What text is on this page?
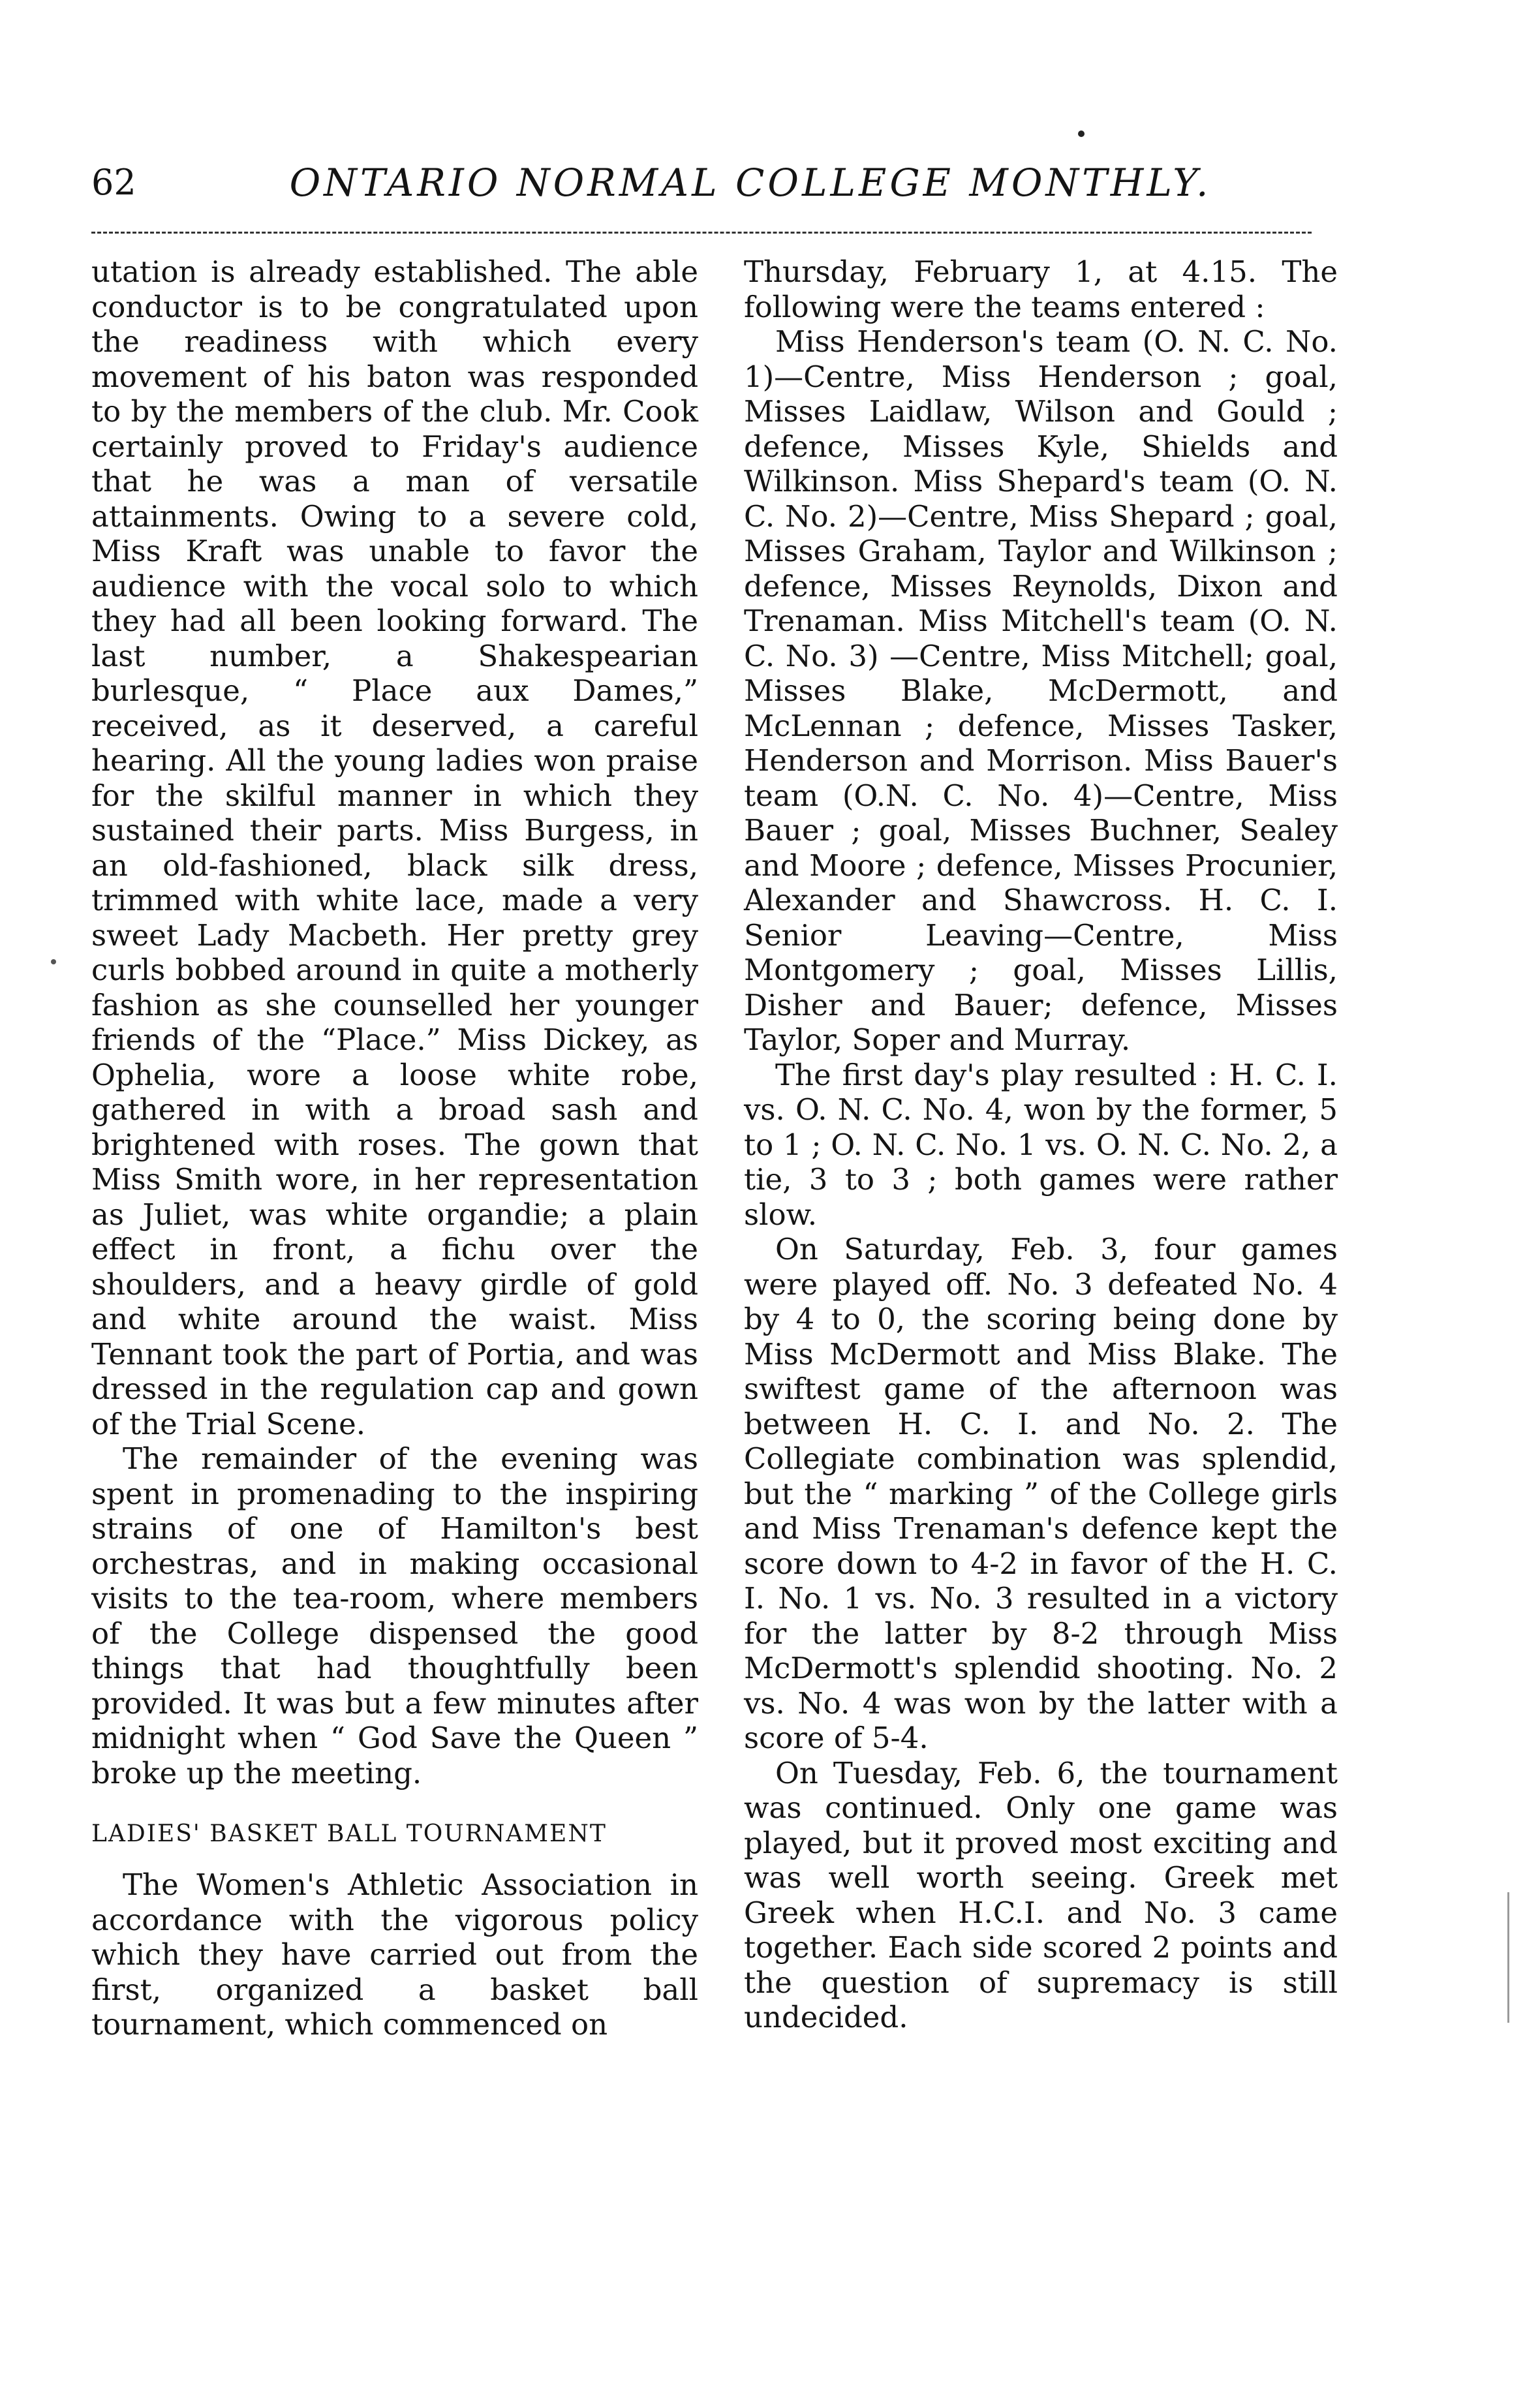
62	ONTARIO NORMAL COLLEGE MONTHLY.

utation is already established. The able conductor is to be congratulated upon the readiness with which every movement of his baton was responded to by the members of the club. Mr. Cook certainly proved to Friday's audience that he was a man of versatile attainments. Owing to a severe cold, Miss Kraft was unable to favor the audience with the vocal solo to which they had all been looking forward. The last number, a Shakespearian burlesque, “ Place aux Dames,” received, as it deserved, a careful hearing. All the young ladies won praise for the skilful manner in which they sustained their parts. Miss Burgess, in an old-fashioned, black silk dress, trimmed with white lace, made a very sweet Lady Macbeth. Her pretty grey curls bobbed around in quite a motherly fashion as she counselled her younger friends of the “Place.” Miss Dickey, as Ophelia, wore a loose white robe, gathered in with a broad sash and brightened with roses. The gown that Miss Smith wore, in her representation as Juliet, was white organdie; a plain effect in front, a fichu over the shoulders, and a heavy girdle of gold and white around the waist. Miss Tennant took the part of Portia, and was dressed in the regulation cap and gown of the Trial Scene.

The remainder of the evening was spent in promenading to the inspiring strains of one of Hamilton's best orchestras, and in making occasional visits to the tea-room, where members of the College dispensed the good things that had thoughtfully been provided. It was but a few minutes after midnight when “ God Save the Queen ” broke up the meeting.

LADIES' BASKET BALL TOURNAMENT

The Women's Athletic Association in accordance with the vigorous policy which they have carried out from the first, organized a basket ball tournament, which commenced on

Thursday, February 1, at 4.15. The following were the teams entered :

Miss Henderson's team (O. N. C. No. 1)—Centre, Miss Henderson ; goal, Misses Laidlaw, Wilson and Gould ; defence, Misses Kyle, Shields and Wilkinson. Miss Shepard's team (O. N. C. No. 2)—Centre, Miss Shepard ; goal, Misses Graham, Taylor and Wilkinson ; defence, Misses Reynolds, Dixon and Trenaman. Miss Mitchell's team (O. N. C. No. 3) —Centre, Miss Mitchell; goal, Misses Blake, McDermott, and McLennan ; defence, Misses Tasker, Henderson and Morrison. Miss Bauer's team (O.N. C. No. 4)—Centre, Miss Bauer ; goal, Misses Buchner, Sealey and Moore ; defence, Misses Procunier, Alexander and Shawcross. H. C. I. Senior Leaving—Centre, Miss Montgomery ; goal, Misses Lillis, Disher and Bauer; defence, Misses Taylor, Soper and Murray.

The first day's play resulted : H. C. I. vs. O. N. C. No. 4, won by the former, 5 to 1 ; O. N. C. No. 1 vs. O. N. C. No. 2, a tie, 3 to 3 ; both games were rather slow.

On Saturday, Feb. 3, four games were played off. No. 3 defeated No. 4 by 4 to 0, the scoring being done by Miss McDermott and Miss Blake. The swiftest game of the afternoon was between H. C. I. and No. 2. The Collegiate combination was splendid, but the “ marking ” of the College girls and Miss Trenaman's defence kept the score down to 4-2 in favor of the H. C. I. No. 1 vs. No. 3 resulted in a victory for the latter by 8-2 through Miss McDermott's splendid shooting. No. 2 vs. No. 4 was won by the latter with a score of 5-4.

On Tuesday, Feb. 6, the tournament was continued. Only one game was played, but it proved most exciting and was well worth seeing. Greek met Greek when H.C.I. and No. 3 came together. Each side scored 2 points and the question of supremacy is still undecided.
